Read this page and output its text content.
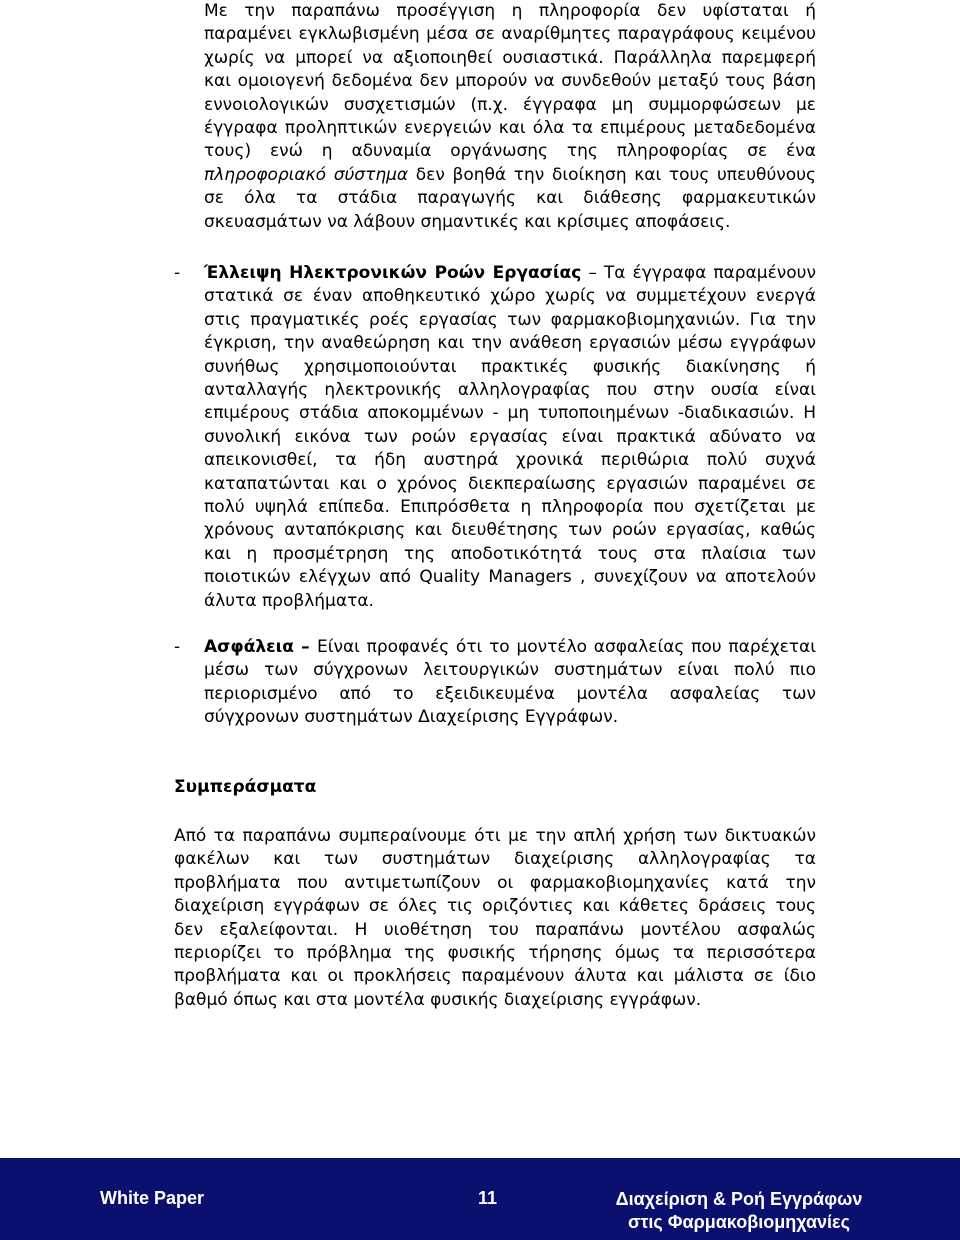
Με την παραπάνω προσέγγιση η πληροφορία δεν υφίσταται ή παραμένει εγκλωβισμένη μέσα σε αναρίθμητες παραγράφους κειμένου χωρίς να μπορεί να αξιοποιηθεί ουσιαστικά. Παράλληλα παρεμφερή και ομοιογενή δεδομένα δεν μπορούν να συνδεθούν μεταξύ τους βάση εννοιολογικών συσχετισμών (π.χ. έγγραφα μη συμμορφώσεων με έγγραφα προληπτικών ενεργειών και όλα τα επιμέρους μεταδεδομένα τους) ενώ η αδυναμία οργάνωσης της πληροφορίας σε ένα πληροφοριακό σύστημα δεν βοηθά την διοίκηση και τους υπευθύνους σε όλα τα στάδια παραγωγής και διάθεσης φαρμακευτικών σκευασμάτων να λάβουν σημαντικές και κρίσιμες αποφάσεις.

- Έλλειψη Ηλεκτρονικών Ροών Εργασίας – Τα έγγραφα παραμένουν στατικά σε έναν αποθηκευτικό χώρο χωρίς να συμμετέχουν ενεργά στις πραγματικές ροές εργασίας των φαρμακοβιομηχανιών. Για την έγκριση, την αναθεώρηση και την ανάθεση εργασιών μέσω εγγράφων συνήθως χρησιμοποιούνται πρακτικές φυσικής διακίνησης ή ανταλλαγής ηλεκτρονικής αλληλογραφίας που στην ουσία είναι επιμέρους στάδια αποκομμένων - μη τυποποιημένων -διαδικασιών. Η συνολική εικόνα των ροών εργασίας είναι πρακτικά αδύνατο να απεικονισθεί, τα ήδη αυστηρά χρονικά περιθώρια πολύ συχνά καταπατώνται και ο χρόνος διεκπεραίωσης εργασιών παραμένει σε πολύ υψηλά επίπεδα. Επιπρόσθετα η πληροφορία που σχετίζεται με χρόνους ανταπόκρισης και διευθέτησης των ροών εργασίας, καθώς και η προσμέτρηση της αποδοτικότητά τους στα πλαίσια των ποιοτικών ελέγχων από Quality Managers , συνεχίζουν να αποτελούν άλυτα προβλήματα.

- Ασφάλεια – Είναι προφανές ότι το μοντέλο ασφαλείας που παρέχεται μέσω των σύγχρονων λειτουργικών συστημάτων είναι πολύ πιο περιορισμένο από το εξειδικευμένα μοντέλα ασφαλείας των σύγχρονων συστημάτων Διαχείρισης Εγγράφων.

Συμπεράσματα

Από τα παραπάνω συμπεραίνουμε ότι με την απλή χρήση των δικτυακών φακέλων και των συστημάτων διαχείρισης αλληλογραφίας τα προβλήματα που αντιμετωπίζουν οι φαρμακοβιομηχανίες κατά την διαχείριση εγγράφων σε όλες τις οριζόντιες και κάθετες δράσεις τους δεν εξαλείφονται. Η υιοθέτηση του παραπάνω μοντέλου ασφαλώς περιορίζει το πρόβλημα της φυσικής τήρησης όμως τα περισσότερα προβλήματα και οι προκλήσεις παραμένουν άλυτα και μάλιστα σε ίδιο βαθμό όπως και στα μοντέλα φυσικής διαχείρισης εγγράφων.

White Paper	11	Διαχείριση & Ροή Εγγράφων
στις Φαρμακοβιομηχανίες
